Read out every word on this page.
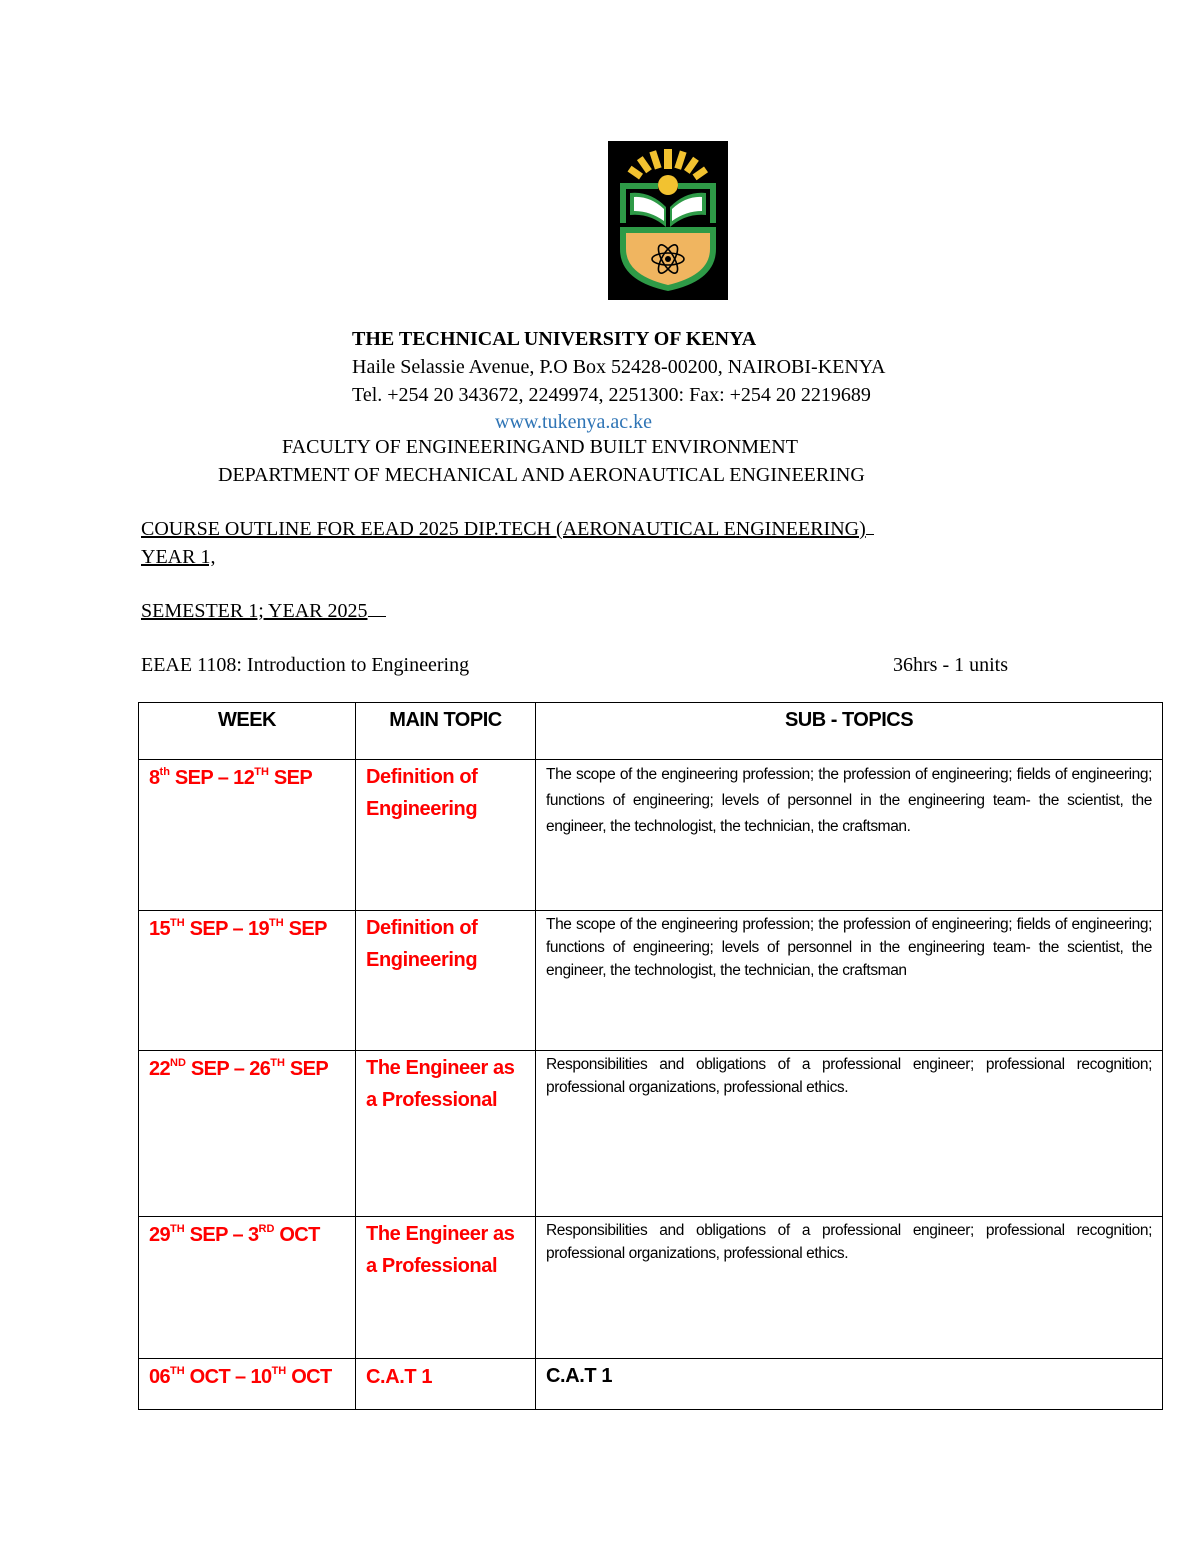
THE TECHNICAL UNIVERSITY OF KENYA
Haile Selassie Avenue, P.O Box 52428-00200, NAIROBI-KENYA
Tel. +254 20 343672, 2249974, 2251300: Fax: +254 20 2219689
www.tukenya.ac.ke
FACULTY OF ENGINEERINGAND BUILT ENVIRONMENT
DEPARTMENT OF MECHANICAL AND AERONAUTICAL ENGINEERING
COURSE OUTLINE FOR EEAD 2025 DIP.TECH (AERONAUTICAL ENGINEERING)
YEAR 1,
SEMESTER 1; YEAR 2025
EEAE 1108: Introduction to Engineering	36hrs - 1 units
WEEK	MAIN TOPIC	SUB - TOPICS

8th SEP – 12TH SEP	Definition of Engineering	The scope of the engineering profession; the profession of engineering; fields of engineering; functions of engineering; levels of personnel in the engineering team- the scientist, the engineer, the technologist, the technician, the craftsman.
15TH SEP – 19TH SEP	Definition of Engineering	The scope of the engineering profession; the profession of engineering; fields of engineering; functions of engineering; levels of personnel in the engineering team- the scientist, the engineer, the technologist, the technician, the craftsman
22ND SEP – 26TH SEP	The Engineer as a Professional	Responsibilities and obligations of a professional engineer; professional recognition; professional organizations, professional ethics.
29TH SEP – 3RD OCT	The Engineer as a Professional	Responsibilities and obligations of a professional engineer; professional recognition; professional organizations, professional ethics.
06TH OCT – 10TH OCT	C.A.T 1	C.A.T 1
